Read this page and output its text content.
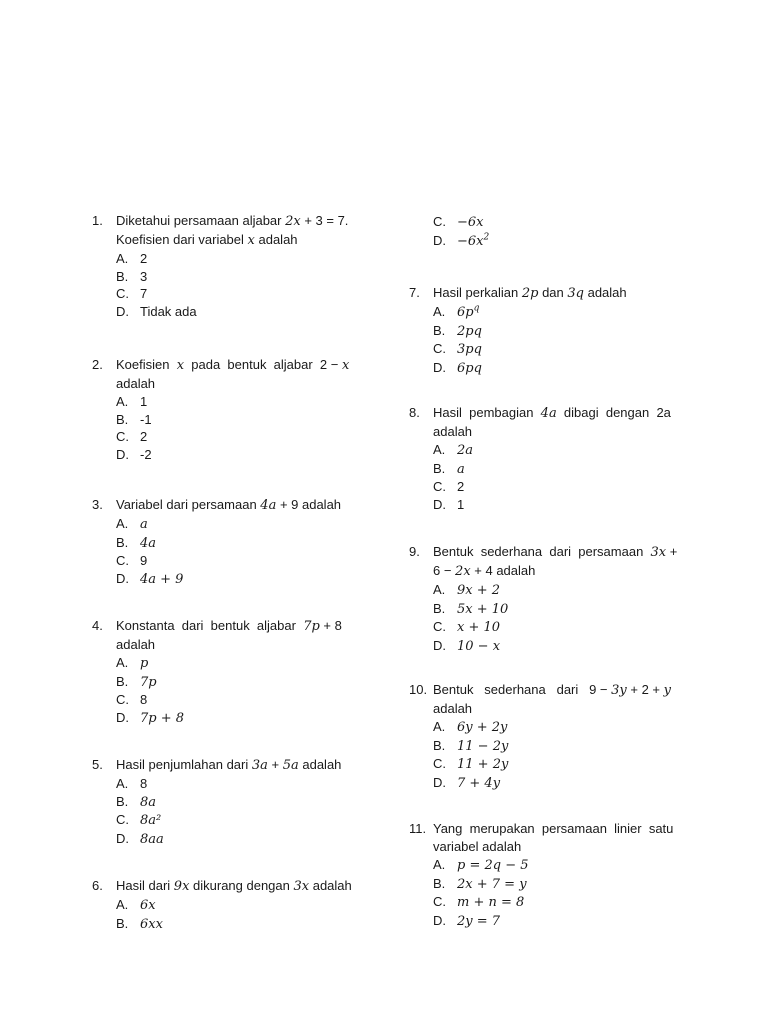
1. Diketahui persamaan aljabar 2x + 3 = 7.
Koefisien dari variabel x adalah
A. 2
B. 3
C. 7
D. Tidak ada
2. Koefisien  x  pada  bentuk  aljabar  2 − x
adalah
A. 1
B. -1
C. 2
D. -2
3. Variabel dari persamaan 4a + 9 adalah
A. a
B. 4a
C. 9
D. 4a + 9
4. Konstanta  dari  bentuk  aljabar  7p + 8
adalah
A. p
B. 7p
C. 8
D. 7p + 8
5. Hasil penjumlahan dari 3a + 5a adalah
A. 8
B. 8a
C. 8a²
D. 8aa
6. Hasil dari 9x dikurang dengan 3x adalah
A. 6x
B. 6xx
C. −6x
D. $-6x^2$
7. Hasil perkalian 2p dan 3q adalah
A. $6p^q$
B. 2pq
C. 3pq
D. 6pq
8. Hasil  pembagian  4a  dibagi  dengan  2a
adalah
A. 2a
B. a
C. 2
D. 1
9. Bentuk  sederhana  dari  persamaan  3x +
6 − 2x + 4 adalah
A. 9x + 2
B. 5x + 10
C. x + 10
D. 10 − x
10. Bentuk   sederhana   dari   9 − 3y + 2 + y
adalah
A. 6y + 2y
B. 11 − 2y
C. 11 + 2y
D. 7 + 4y
11. Yang  merupakan  persamaan  linier  satu
variabel adalah
A. p = 2q − 5
B. 2x + 7 = y
C. m + n = 8
D. 2y = 7
